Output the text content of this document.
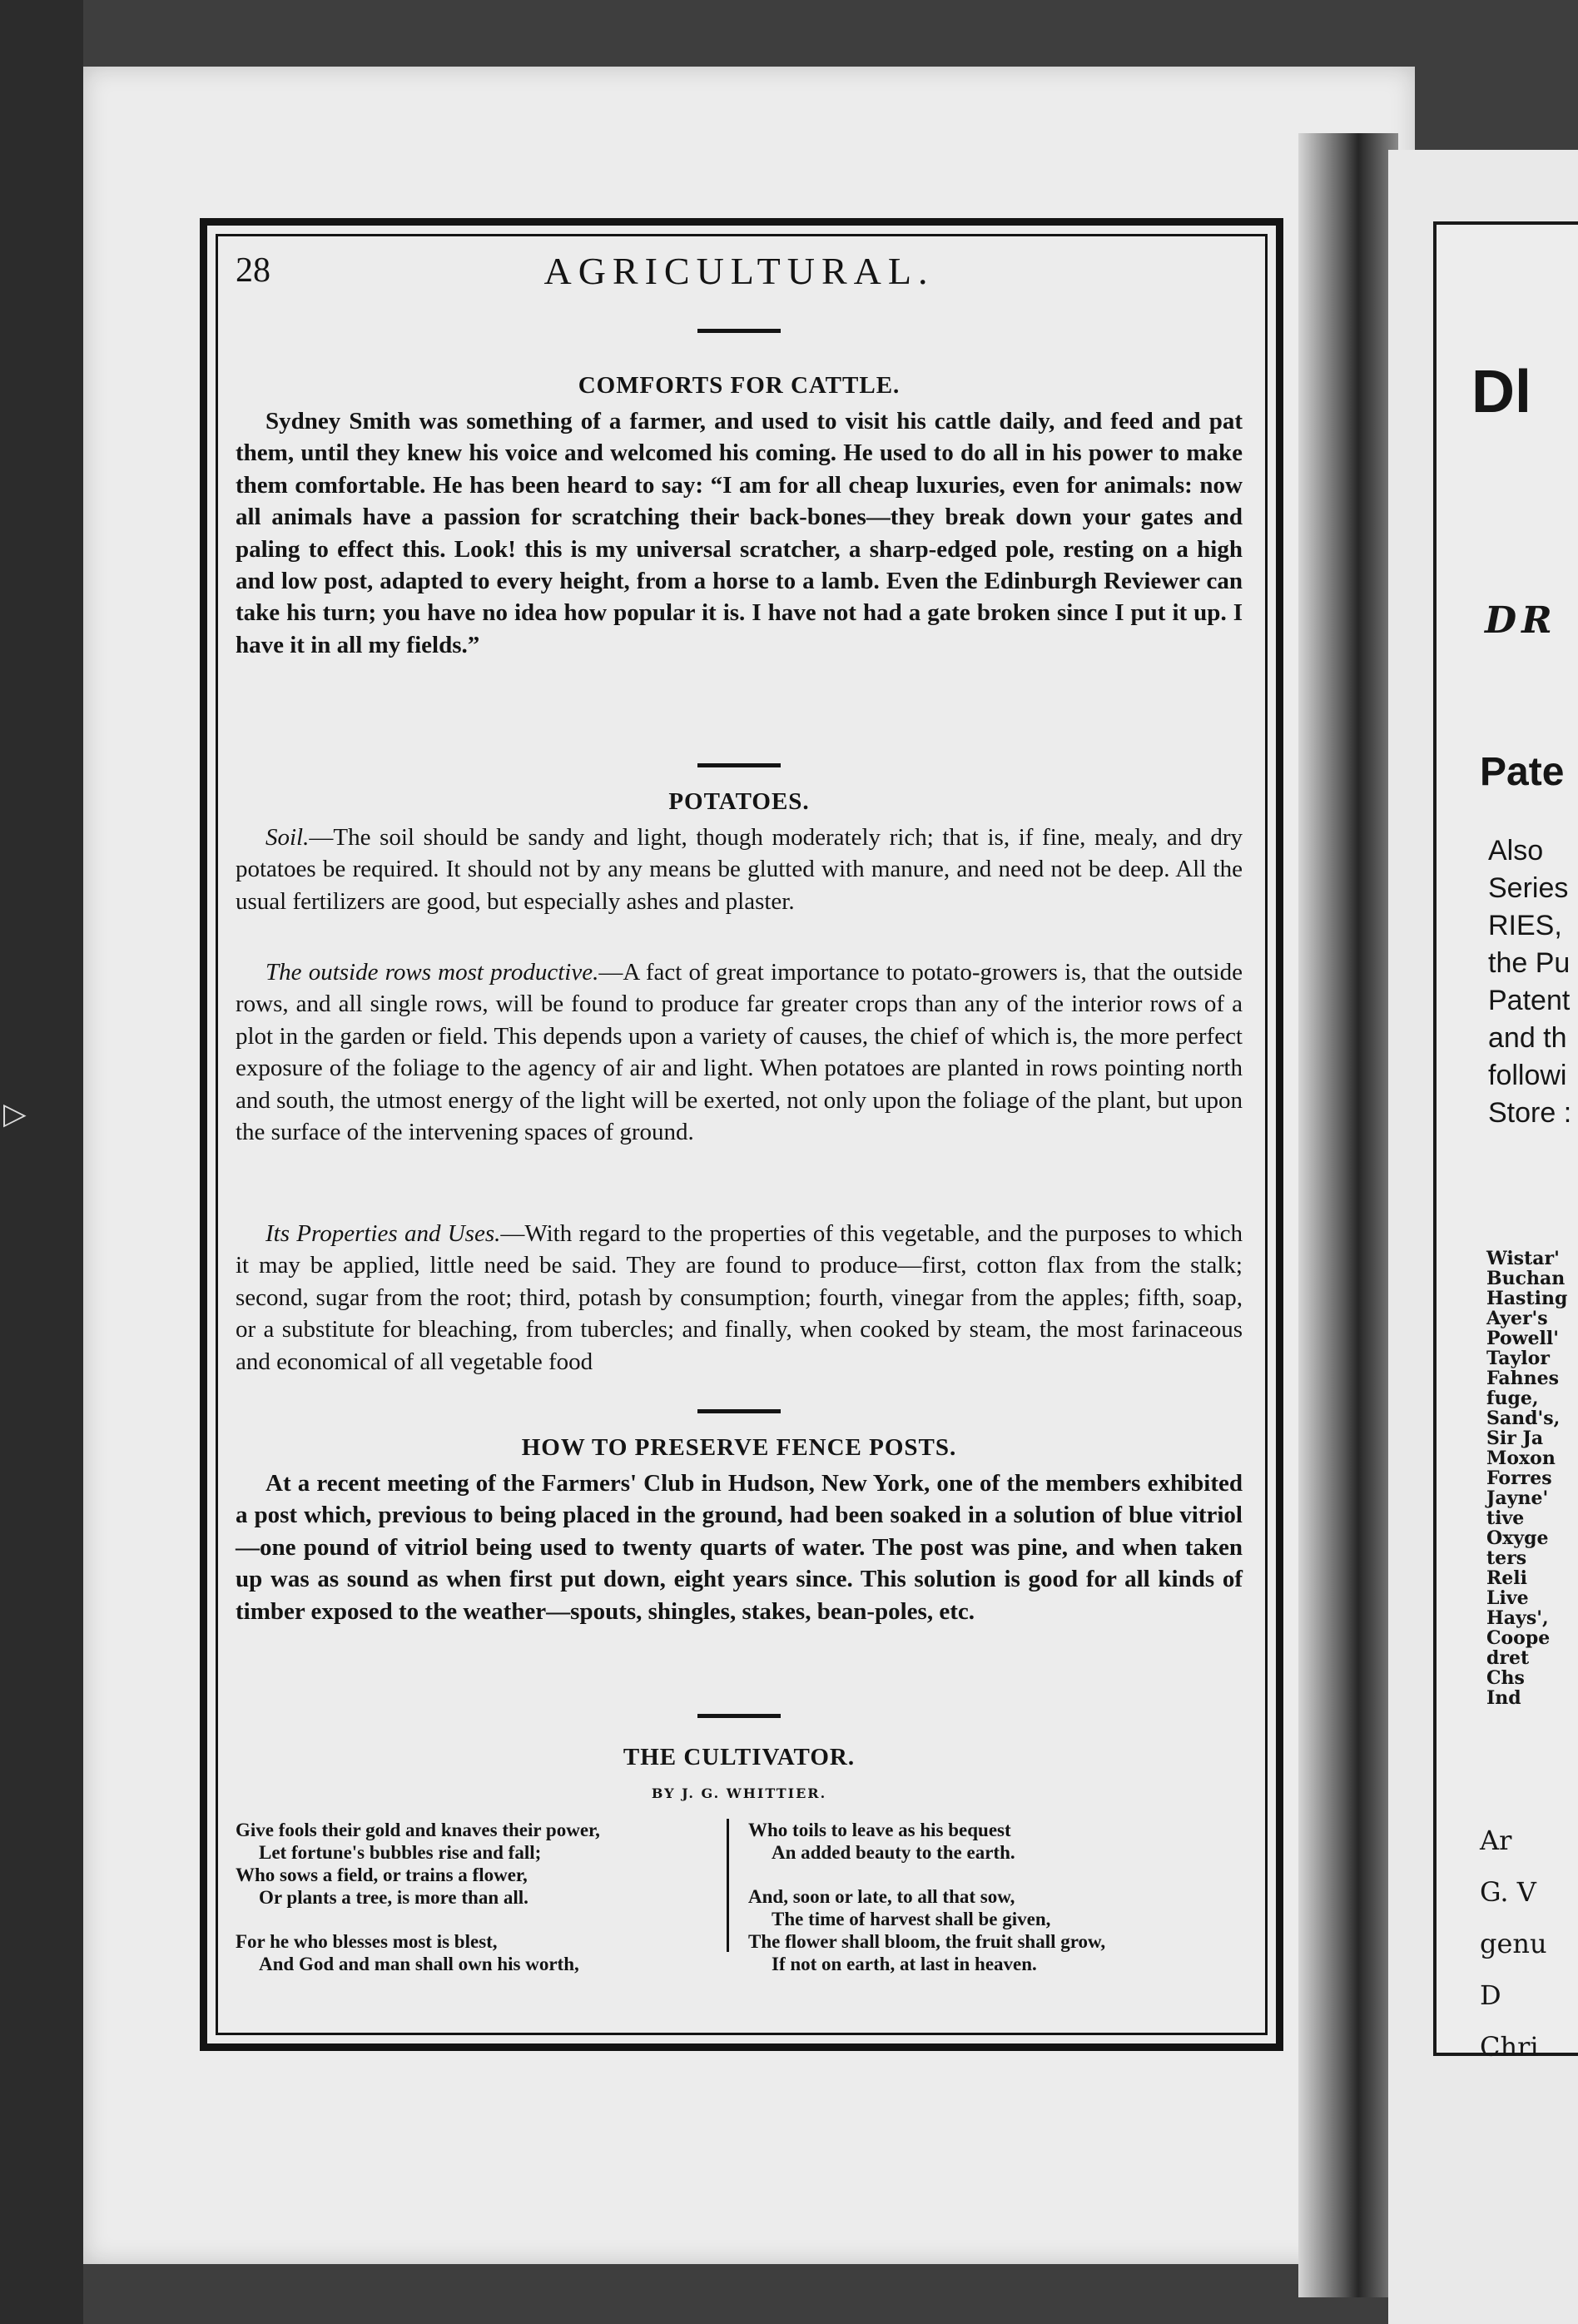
▷
Dl
DR
Pate
Also
Series
RIES,
the Pu
Patent
and th
followi
Store :
Wistar'
Buchan
Hasting
Ayer's
Powell'
Taylor
Fahnes
fuge,
Sand's,
Sir Ja
Moxon
Forres
Jayne'
tive
Oxyge
ters
Reli
Live
Hays',
Coope
dret
Chs
Ind
Ar
G. V
genu
D
Chri
28	AGRICULTURAL.
COMFORTS FOR CATTLE.
Sydney Smith was something of a farmer, and used to visit his cattle daily, and feed and pat them, until they knew his voice and welcomed his coming. He used to do all in his power to make them comfortable. He has been heard to say: “I am for all cheap luxuries, even for animals: now all animals have a passion for scratching their back-bones—they break down your gates and paling to effect this. Look! this is my universal scratcher, a sharp-edged pole, resting on a high and low post, adapted to every height, from a horse to a lamb. Even the Edinburgh Reviewer can take his turn; you have no idea how popular it is. I have not had a gate broken since I put it up. I have it in all my fields.”
POTATOES.
Soil.—The soil should be sandy and light, though moderately rich; that is, if fine, mealy, and dry potatoes be required. It should not by any means be glutted with manure, and need not be deep. All the usual fertilizers are good, but especially ashes and plaster.
The outside rows most productive.—A fact of great importance to potato-growers is, that the outside rows, and all single rows, will be found to produce far greater crops than any of the interior rows of a plot in the garden or field. This depends upon a variety of causes, the chief of which is, the more perfect exposure of the foliage to the agency of air and light. When potatoes are planted in rows pointing north and south, the utmost energy of the light will be exerted, not only upon the foliage of the plant, but upon the surface of the intervening spaces of ground.
Its Properties and Uses.—With regard to the properties of this vegetable, and the purposes to which it may be applied, little need be said. They are found to produce—first, cotton flax from the stalk; second, sugar from the root; third, potash by consumption; fourth, vinegar from the apples; fifth, soap, or a substitute for bleaching, from tubercles; and finally, when cooked by steam, the most farinaceous and economical of all vegetable food
HOW TO PRESERVE FENCE POSTS.
At a recent meeting of the Farmers' Club in Hudson, New York, one of the members exhibited a post which, previous to being placed in the ground, had been soaked in a solution of blue vitriol—one pound of vitriol being used to twenty quarts of water. The post was pine, and when taken up was as sound as when first put down, eight years since. This solution is good for all kinds of timber exposed to the weather—spouts, shingles, stakes, bean-poles, etc.
THE CULTIVATOR.
BY J. G. WHITTIER.
Give fools their gold and knaves their power,
Let fortune's bubbles rise and fall;
Who sows a field, or trains a flower,
Or plants a tree, is more than all.
For he who blesses most is blest,
And God and man shall own his worth,
Who toils to leave as his bequest
An added beauty to the earth.
And, soon or late, to all that sow,
The time of harvest shall be given,
The flower shall bloom, the fruit shall grow,
If not on earth, at last in heaven.
